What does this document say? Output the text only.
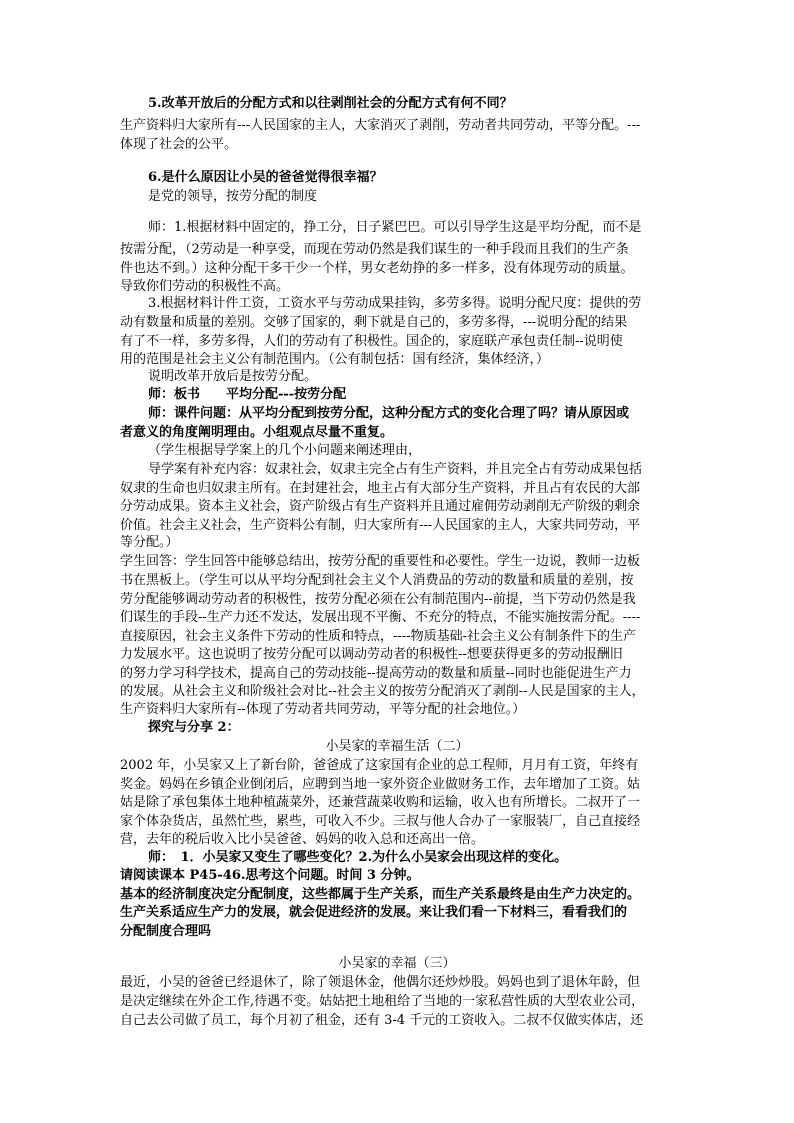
5.改革开放后的分配方式和以往剥削社会的分配方式有何不同？
生产资料归大家所有---人民国家的主人，大家消灭了剥削，劳动者共同劳动，平等分配。---
体现了社会的公平。
6.是什么原因让小吴的爸爸觉得很幸福？
是党的领导，按劳分配的制度
师：1.根据材料中固定的，挣工分，日子紧巴巴。可以引导学生这是平均分配，而不是
按需分配，（2劳动是一种享受，而现在劳动仍然是我们谋生的一种手段而且我们的生产条
件也达不到。）这种分配干多干少一个样，男女老幼挣的多一样多，没有体现劳动的质量。
导致你们劳动的积极性不高。
3.根据材料计件工资，工资水平与劳动成果挂钩，多劳多得。说明分配尺度：提供的劳
动有数量和质量的差别。交够了国家的，剩下就是自己的，多劳多得，---说明分配的结果
有了不一样，多劳多得，人们的劳动有了积极性。国企的，家庭联产承包责任制--说明使
用的范围是社会主义公有制范围内。（公有制包括：国有经济，集体经济，）
说明改革开放后是按劳分配。
师：板书　　平均分配---按劳分配
师：课件问题：从平均分配到按劳分配，这种分配方式的变化合理了吗？请从原因或
者意义的角度阐明理由。小组观点尽量不重复。
（学生根据导学案上的几个小问题来阐述理由，
导学案有补充内容：奴隶社会，奴隶主完全占有生产资料，并且完全占有劳动成果包括
奴隶的生命也归奴隶主所有。在封建社会，地主占有大部分生产资料，并且占有农民的大部
分劳动成果。资本主义社会，资产阶级占有生产资料并且通过雇佣劳动剥削无产阶级的剩余
价值。社会主义社会，生产资料公有制，归大家所有---人民国家的主人，大家共同劳动，平
等分配。）
学生回答：学生回答中能够总结出，按劳分配的重要性和必要性。学生一边说，教师一边板
书在黑板上。（学生可以从平均分配到社会主义个人消费品的劳动的数量和质量的差别，按
劳分配能够调动劳动者的积极性，按劳分配必须在公有制范围内--前提，当下劳动仍然是我
们谋生的手段--生产力还不发达，发展出现不平衡、不充分的特点，不能实施按需分配。----
直接原因，社会主义条件下劳动的性质和特点，----物质基础-社会主义公有制条件下的生产
力发展水平。这也说明了按劳分配可以调动劳动者的积极性--想要获得更多的劳动报酬旧
的努力学习科学技术，提高自己的劳动技能--提高劳动的数量和质量--同时也能促进生产力
的发展。从社会主义和阶级社会对比--社会主义的按劳分配消灭了剥削--人民是国家的主人，
生产资料归大家所有--体现了劳动者共同劳动，平等分配的社会地位。）
探究与分享 2：
小吴家的幸福生活（二）
2002 年，小吴家又上了新台阶，爸爸成了这家国有企业的总工程师，月月有工资，年终有
奖金。妈妈在乡镇企业倒闭后，应聘到当地一家外资企业做财务工作，去年增加了工资。姑
姑是除了承包集体土地种植蔬菜外，还兼营蔬菜收购和运输，收入也有所增长。二叔开了一
家个体杂货店，虽然忙些，累些，可收入不少。三叔与他人合办了一家服装厂，自己直接经
营，去年的税后收入比小吴爸爸、妈妈的收入总和还高出一倍。
师：　1．小吴家又变生了哪些变化？2.为什么小吴家会出现这样的变化。
请阅读课本 P45-46.思考这个问题。时间 3 分钟。
基本的经济制度决定分配制度，这些都属于生产关系，而生产关系最终是由生产力决定的。
生产关系适应生产力的发展，就会促进经济的发展。来让我们看一下材料三，看看我们的
分配制度合理吗
小吴家的幸福（三）
最近，小吴的爸爸已经退休了，除了领退休金，他偶尔还炒炒股。妈妈也到了退休年龄，但
是决定继续在外企工作,待遇不变。姑姑把土地租给了当地的一家私营性质的大型农业公司，
自己去公司做了员工，每个月初了租金，还有 3-4 千元的工资收入。二叔不仅做实体店，还
